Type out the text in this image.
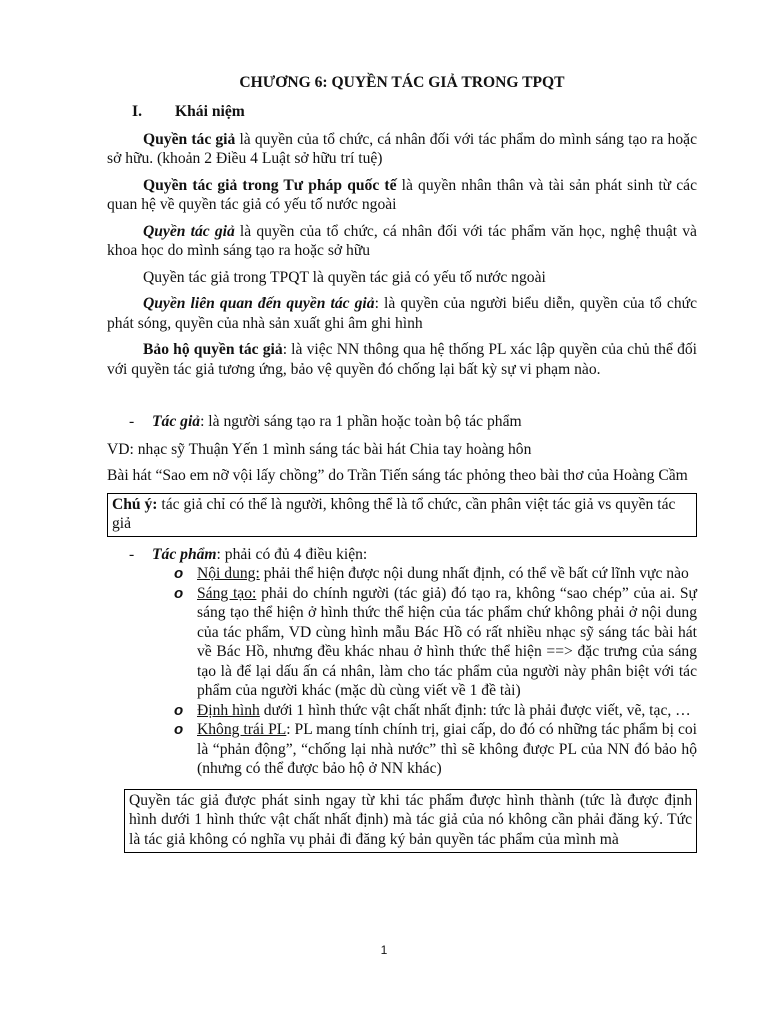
CHƯƠNG 6: QUYỀN TÁC GIẢ TRONG TPQT
I. Khái niệm

Quyền tác giả là quyền của tổ chức, cá nhân đối với tác phẩm do mình sáng tạo ra hoặc sở hữu. (khoản 2 Điều 4 Luật sở hữu trí tuệ)

Quyền tác giả trong Tư pháp quốc tế là quyền nhân thân và tài sản phát sinh từ các quan hệ về quyền tác giả có yếu tố nước ngoài

Quyền tác giả là quyền của tổ chức, cá nhân đối với tác phẩm văn học, nghệ thuật và khoa học do mình sáng tạo ra hoặc sở hữu

Quyền tác giả trong TPQT là quyền tác giả có yếu tố nước ngoài

Quyền liên quan đến quyền tác giả: là quyền của người biểu diễn, quyền của tổ chức phát sóng, quyền của nhà sản xuất ghi âm ghi hình

Bảo hộ quyền tác giả: là việc NN thông qua hệ thống PL xác lập quyền của chủ thể đối với quyền tác giả tương ứng, bảo vệ quyền đó chống lại bất kỳ sự vi phạm nào.

- Tác giả: là người sáng tạo ra 1 phần hoặc toàn bộ tác phẩm

VD: nhạc sỹ Thuận Yến 1 mình sáng tác bài hát Chia tay hoàng hôn

Bài hát “Sao em nỡ vội lấy chồng” do Trần Tiến sáng tác phỏng theo bài thơ của Hoàng Cầm

Chú ý: tác giả chỉ có thể là người, không thể là tổ chức, cần phân việt tác giả vs quyền tác giả
- Tác phẩm: phải có đủ 4 điều kiện:
o Nội dung: phải thể hiện được nội dung nhất định, có thể về bất cứ lĩnh vực nào
o Sáng tạo: phải do chính người (tác giả) đó tạo ra, không “sao chép” của ai. Sự sáng tạo thể hiện ở hình thức thể hiện của tác phẩm chứ không phải ở nội dung của tác phẩm, VD cùng hình mẫu Bác Hồ có rất nhiều nhạc sỹ sáng tác bài hát về Bác Hồ, nhưng đều khác nhau ở hình thức thể hiện ==> đặc trưng của sáng tạo là để lại dấu ấn cá nhân, làm cho tác phẩm của người này phân biệt với tác phẩm của người khác (mặc dù cùng viết về 1 đề tài)
o Định hình dưới 1 hình thức vật chất nhất định: tức là phải được viết, vẽ, tạc, …
o Không trái PL: PL mang tính chính trị, giai cấp, do đó có những tác phẩm bị coi là “phản động”, “chống lại nhà nước” thì sẽ không được PL của NN đó bảo hộ (nhưng có thể được bảo hộ ở NN khác)
Quyền tác giả được phát sinh ngay từ khi tác phẩm được hình thành (tức là được định hình dưới 1 hình thức vật chất nhất định) mà tác giả của nó không cần phải đăng ký. Tức là tác giả không có nghĩa vụ phải đi đăng ký bản quyền tác phẩm của mình mà
1
